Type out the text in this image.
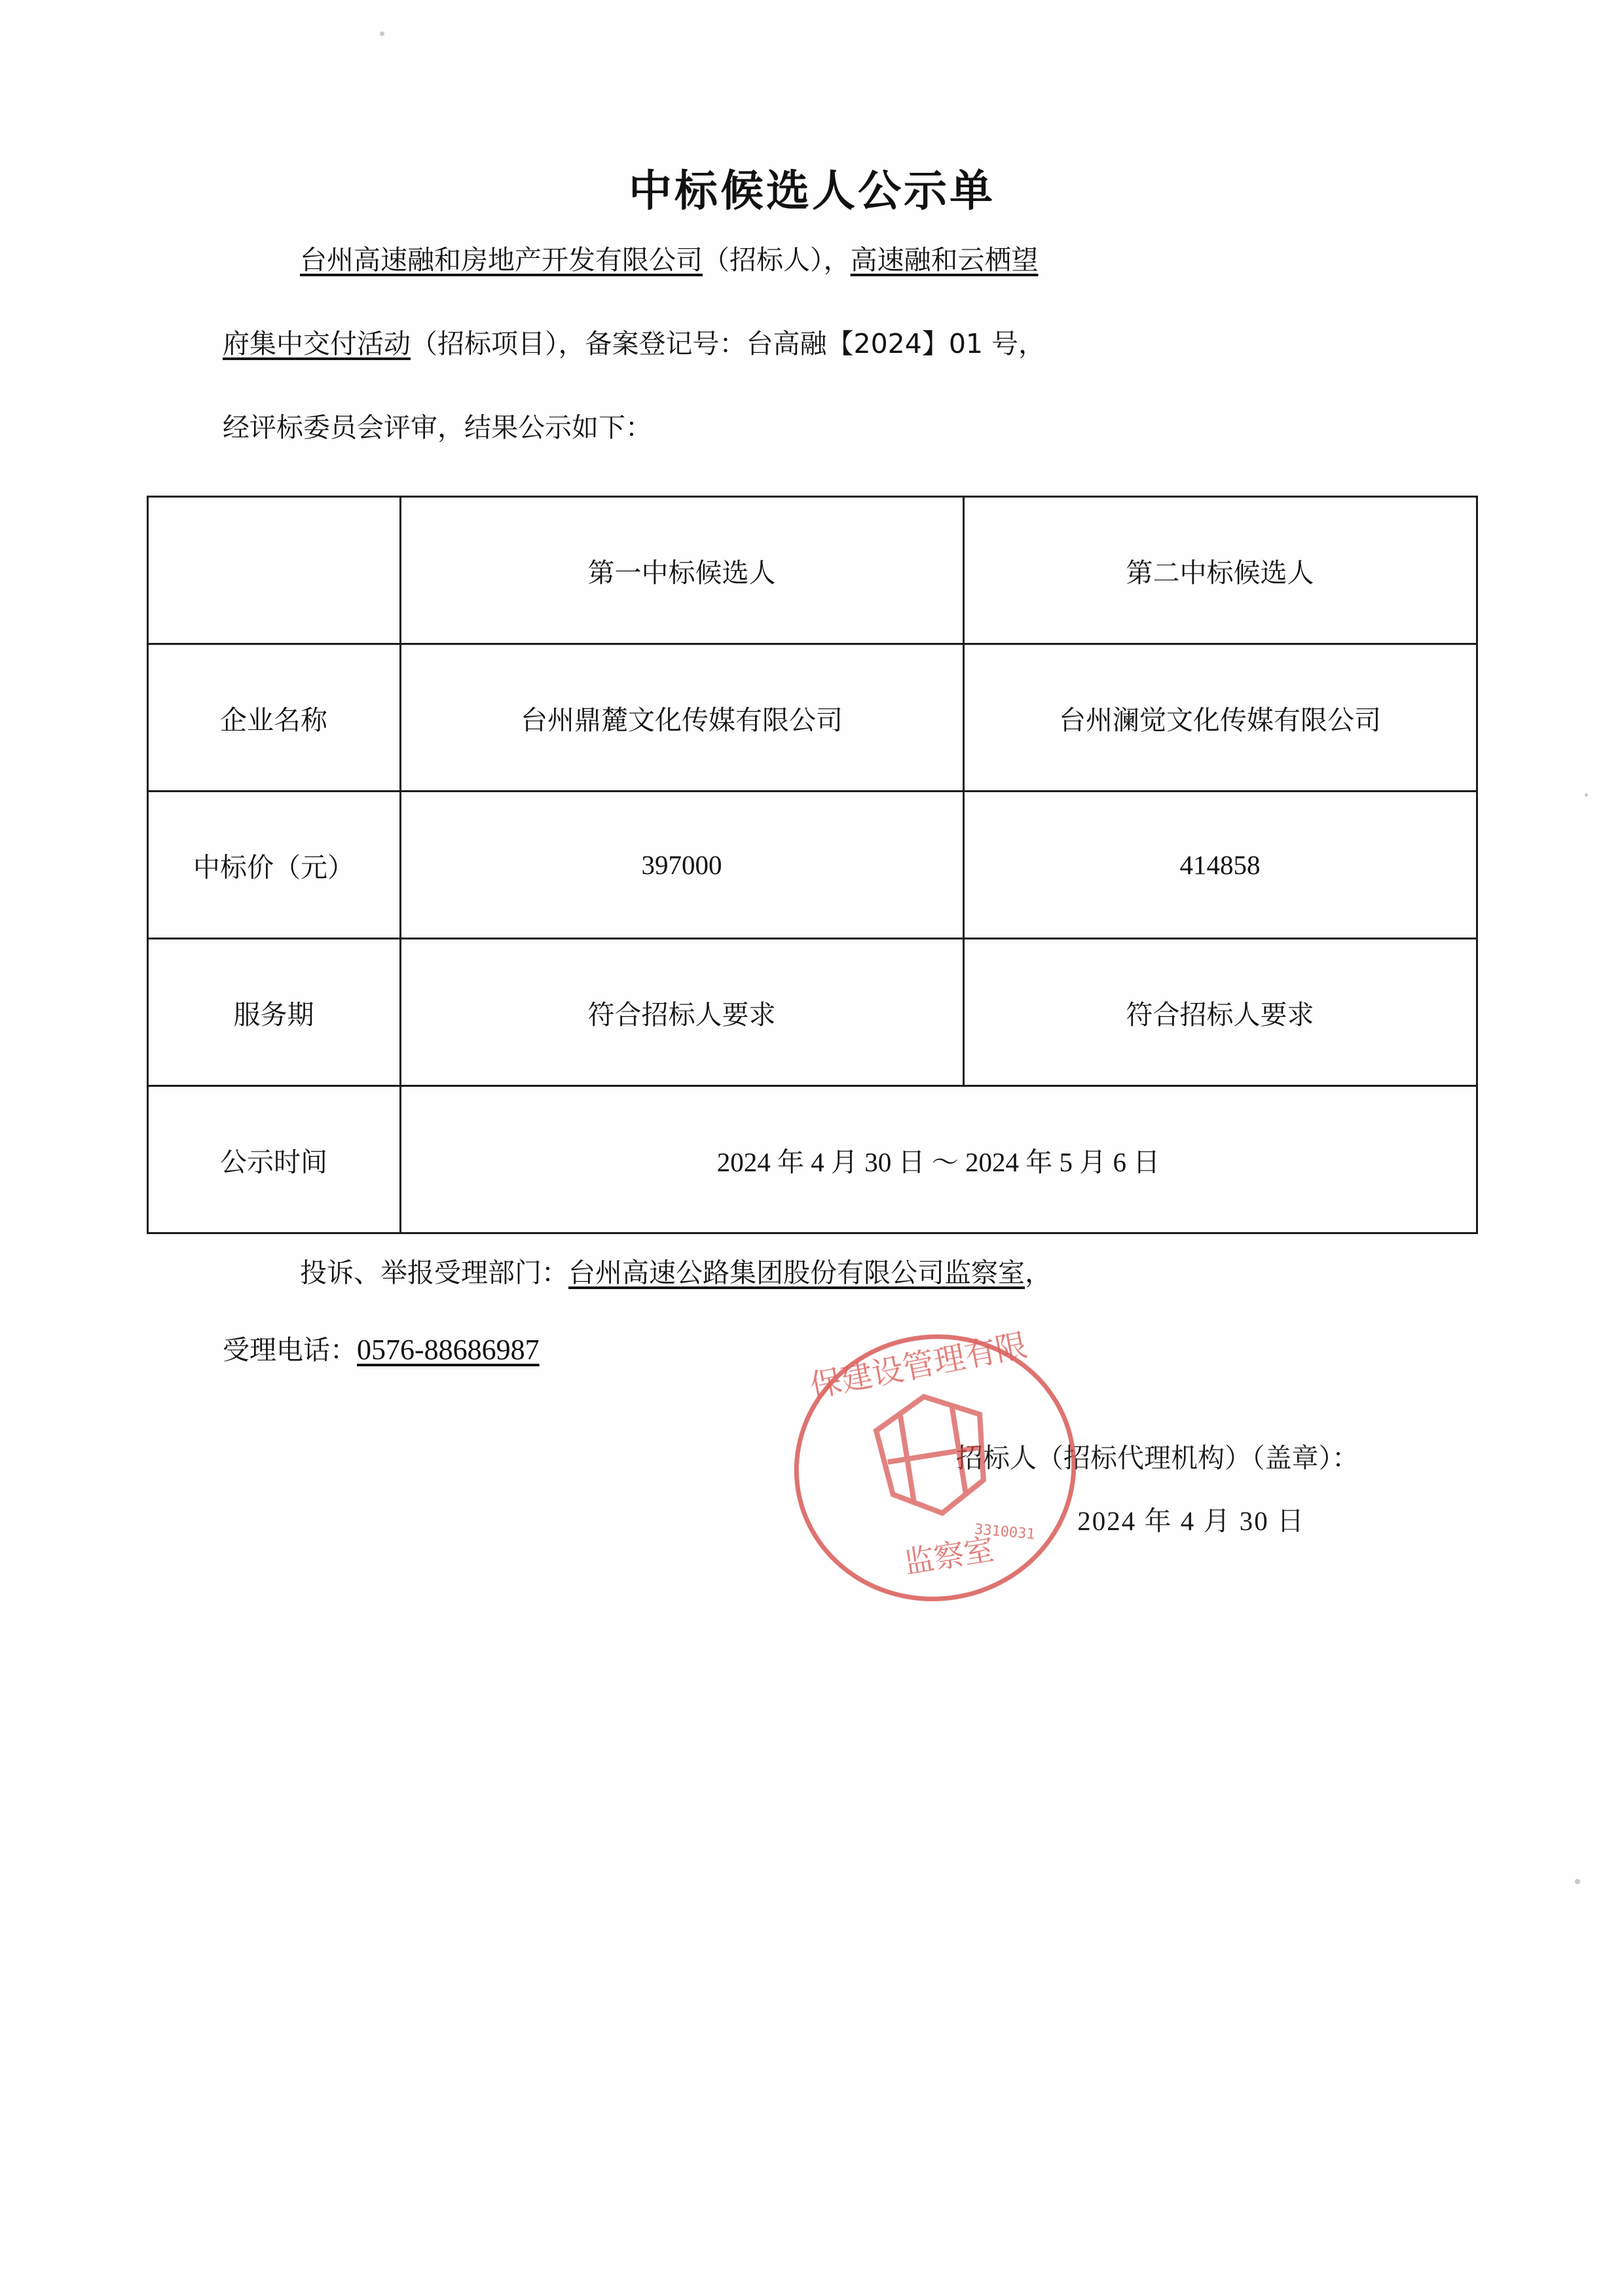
中标候选人公示单
台州高速融和房地产开发有限公司（招标人），高速融和云栖望
府集中交付活动（招标项目），备案登记号：台高融【2024】01 号，
经评标委员会评审，结果公示如下：
	第一中标候选人	第二中标候选人
企业名称	台州鼎麓文化传媒有限公司	台州澜觉文化传媒有限公司
中标价（元）	397000	414858
服务期	符合招标人要求	符合招标人要求
公示时间	2024 年 4 月 30 日 ～ 2024 年 5 月 6 日	
投诉、举报受理部门：台州高速公路集团股份有限公司监察室，
受理电话：0576-88686987
招标人（招标代理机构）（盖章）：
2024 年 4 月 30 日
保建设管理有限
监察室
3310031
